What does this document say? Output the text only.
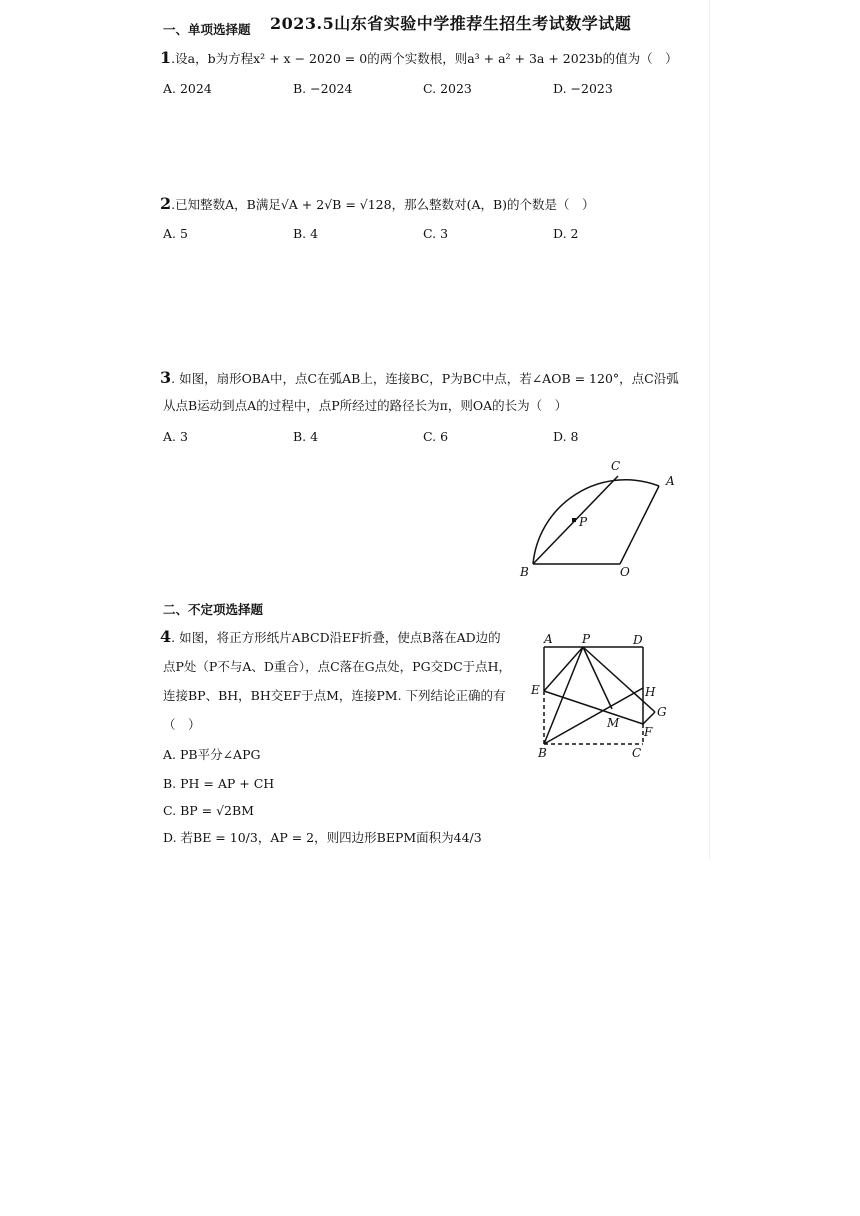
一、单项选择题 2023.5山东省实验中学推荐生招生考试数学试题
1.设a，b为方程x² + x − 2020 = 0的两个实数根，则a³ + a² + 3a + 2023b的值为（　）
A. 2024	B. −2024	C. 2023	D. −2023
2.已知整数A，B满足√A + 2√B = √128，那么整数对(A，B)的个数是（　）
A. 5	B. 4	C. 3	D. 2
3. 如图，扇形OBA中，点C在弧AB上，连接BC，P为BC中点，若∠AOB = 120°，点C沿弧
从点B运动到点A的过程中，点P所经过的路径长为π，则OA的长为（　）
A. 3	B. 4	C. 6	D. 8
C
A
P
B	O
二、不定项选择题
4. 如图，将正方形纸片ABCD沿EF折叠，使点B落在AD边的
点P处（P不与A、D重合），点C落在G点处，PG交DC于点H，
连接BP、BH，BH交EF于点M，连接PM. 下列结论正确的有
（　）
A. PB平分∠APG
B. PH = AP + CH
C. BP = √2BM
D. 若BE = 10/3，AP = 2，则四边形BEPM面积为44/3
A P	D
E	H
G
M
F
B	C
